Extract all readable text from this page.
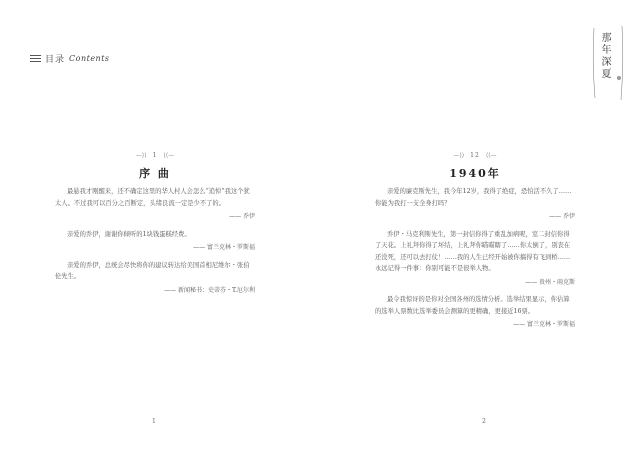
目录 Contents	那年深夏
—⟩⟩ 1 ⟨⟨—
序 曲

最悬我才刚醒来，还不确定这里的华人村人会怎么“追悼”我这个犹太人。不过我可以百分之百断定，头绪良流一定是少不了的。

—— 乔伊

亲爱的乔伊，谢谢你倾听的1块钱蛋糕经费。

—— 富兰克林・罗斯福

亲爱的乔伊，总统会尽快将你的建议转达给美国首相尼维尔・张伯伦先生。

—— 新闻秘书：史蒂芬・T.厄尔利
1
—⟩⟩ 12 ⟨⟨—
1940年

亲爱的廉克斯先生，我今年12岁，我得了绝症，恐怕活不久了……你能为我打一支全身打吗？

—— 乔伊

乔伊・马克利斯先生，第一封信你得了重乱加病呢，室二封信你得了天花。上礼拜你得了坏结，上礼拜你瞄瞄瞎了……你太倒了，别丧在还没死，还可以去打仗！……我的人生已经开始被你搞得有飞到桥……永远记得一件事：你别可能不是很举人物。

—— 贵州・雨克斯

最令我惊讶的是你对全国各州的选情分析。选举结果显示，你估算的选举人票数比选举委员会测算的更精确，更接近16票。

—— 富兰克林・罗斯福
2
